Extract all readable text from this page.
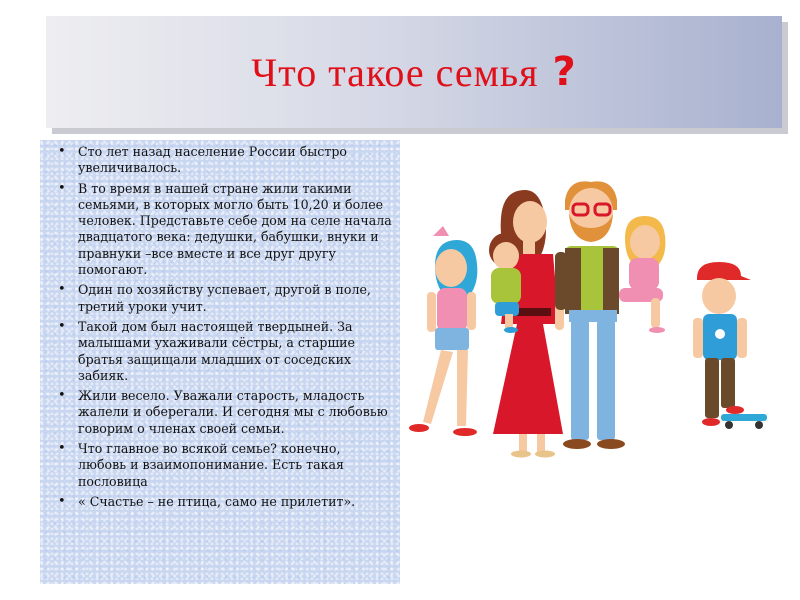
Что такое семья ?
• Сто лет назад население России быстро увеличивалось.
• В то время в нашей стране жили такими семьями, в которых могло быть 10,20 и более человек. Представьте себе дом на селе начала двадцатого века: дедушки, бабушки, внуки и правнуки –все вместе и все друг другу помогают.
• Один по хозяйству успевает, другой в поле, третий уроки учит.
• Такой дом был настоящей твердыней. За малышами ухаживали сёстры, а старшие братья защищали младших от соседских забияк.
• Жили весело. Уважали старость, младость жалели и оберегали. И сегодня мы с любовью говорим о членах своей семьи.
• Что главное во всякой семье? конечно, любовь и взаимопонимание. Есть такая пословица
• « Счастье – не птица, само не прилетит».
